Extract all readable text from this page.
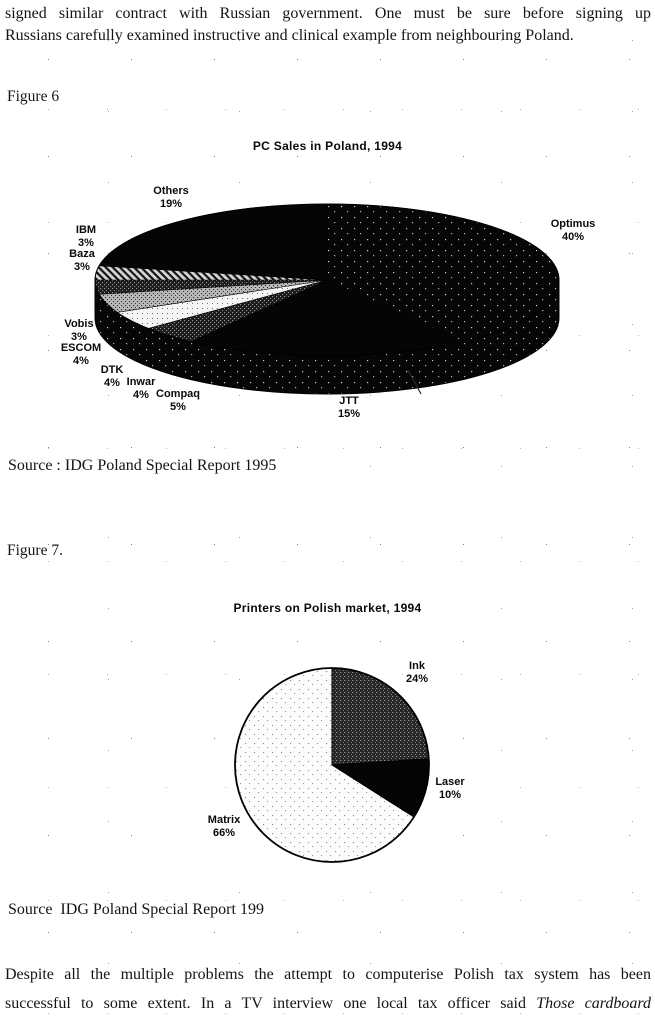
signed similar contract with Russian government. One must be sure before signing up
Russians carefully examined instructive and clinical example from neighbouring Poland.
Figure 6
PC Sales in Poland, 1994
Optimus
40%
JTT
15%
Compaq
5%
Inwar
4%
DTK
4%
ESCOM
4%
Vobis
3%
Baza
3%
IBM
3%
Others
19%
Source : IDG Poland Special Report 1995
Figure 7.
Printers on Polish market, 1994
Ink
24%
Laser
10%
Matrix
66%
Source  IDG Poland Special Report 199
Despite all the multiple problems the attempt to computerise Polish tax system has been
successful to some extent. In a TV interview one local tax officer said Those cardboard
